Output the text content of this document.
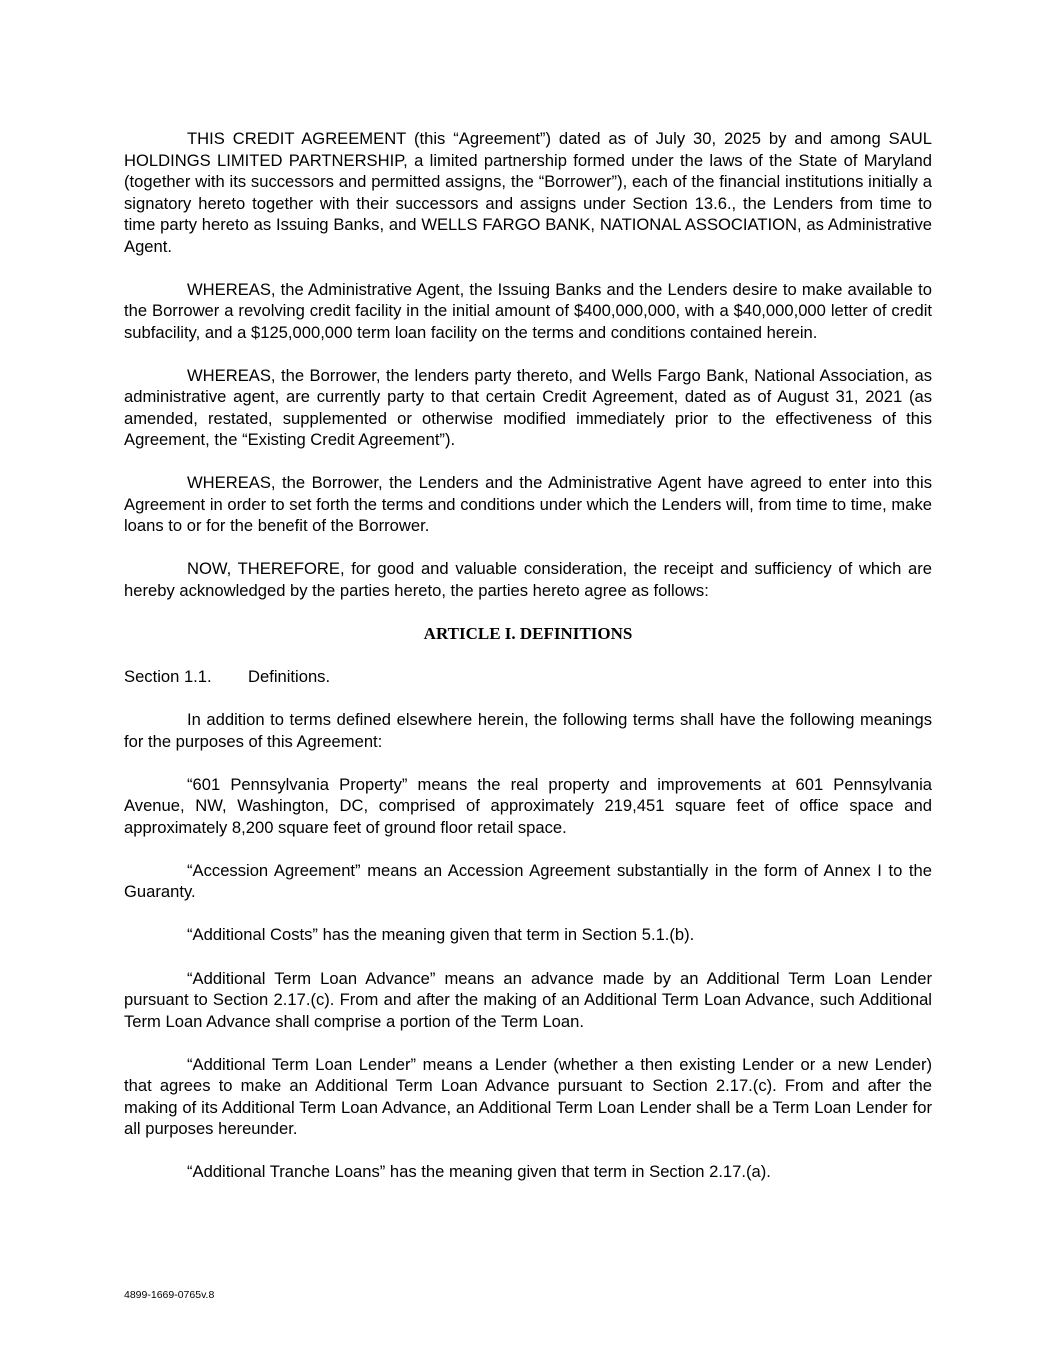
THIS CREDIT AGREEMENT (this “Agreement”) dated as of July 30, 2025 by and among SAUL HOLDINGS LIMITED PARTNERSHIP, a limited partnership formed under the laws of the State of Maryland (together with its successors and permitted assigns, the “Borrower”), each of the financial institutions initially a signatory hereto together with their successors and assigns under Section 13.6., the Lenders from time to time party hereto as Issuing Banks, and WELLS FARGO BANK, NATIONAL ASSOCIATION, as Administrative Agent.

WHEREAS, the Administrative Agent, the Issuing Banks and the Lenders desire to make available to the Borrower a revolving credit facility in the initial amount of $400,000,000, with a $40,000,000 letter of credit subfacility, and a $125,000,000 term loan facility on the terms and conditions contained herein.

WHEREAS, the Borrower, the lenders party thereto, and Wells Fargo Bank, National Association, as administrative agent, are currently party to that certain Credit Agreement, dated as of August 31, 2021 (as amended, restated, supplemented or otherwise modified immediately prior to the effectiveness of this Agreement, the “Existing Credit Agreement”).

WHEREAS, the Borrower, the Lenders and the Administrative Agent have agreed to enter into this Agreement in order to set forth the terms and conditions under which the Lenders will, from time to time, make loans to or for the benefit of the Borrower.

NOW, THEREFORE, for good and valuable consideration, the receipt and sufficiency of which are hereby acknowledged by the parties hereto, the parties hereto agree as follows:

ARTICLE I. DEFINITIONS
Section 1.1. Definitions.

In addition to terms defined elsewhere herein, the following terms shall have the following meanings for the purposes of this Agreement:

“601 Pennsylvania Property” means the real property and improvements at 601 Pennsylvania Avenue, NW, Washington, DC, comprised of approximately 219,451 square feet of office space and approximately 8,200 square feet of ground floor retail space.

“Accession Agreement” means an Accession Agreement substantially in the form of Annex I to the Guaranty.

“Additional Costs” has the meaning given that term in Section 5.1.(b).

“Additional Term Loan Advance” means an advance made by an Additional Term Loan Lender pursuant to Section 2.17.(c). From and after the making of an Additional Term Loan Advance, such Additional Term Loan Advance shall comprise a portion of the Term Loan.

“Additional Term Loan Lender” means a Lender (whether a then existing Lender or a new Lender) that agrees to make an Additional Term Loan Advance pursuant to Section 2.17.(c). From and after the making of its Additional Term Loan Advance, an Additional Term Loan Lender shall be a Term Loan Lender for all purposes hereunder.

“Additional Tranche Loans” has the meaning given that term in Section 2.17.(a).

4899-1669-0765v.8
